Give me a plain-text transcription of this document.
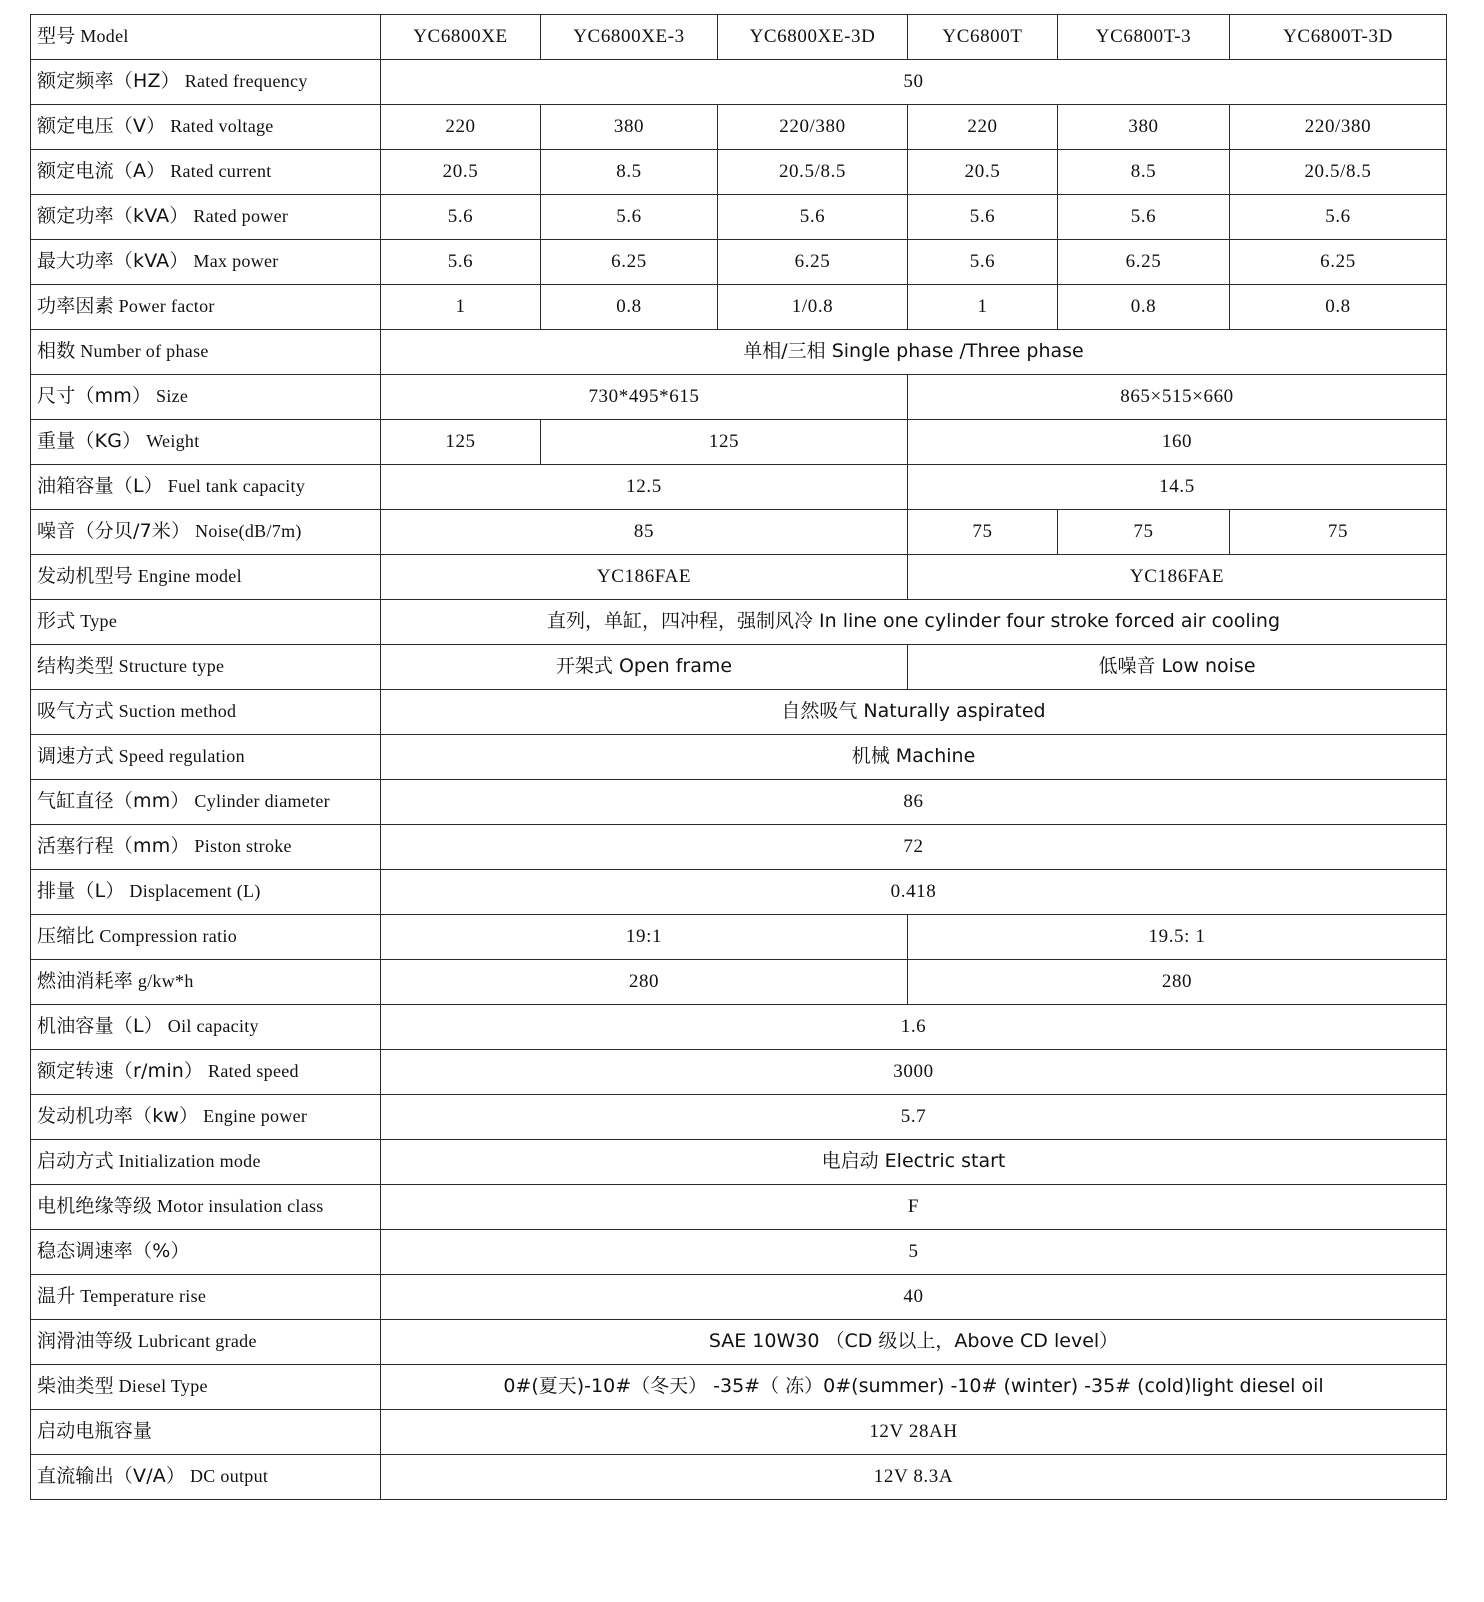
型号 Model	YC6800XE	YC6800XE-3	YC6800XE-3D	YC6800T	YC6800T-3	YC6800T-3D
额定频率（HZ） Rated frequency	50					
额定电压（V） Rated voltage	220	380	220/380	220	380	220/380
额定电流（A） Rated current	20.5	8.5	20.5/8.5	20.5	8.5	20.5/8.5
额定功率（kVA） Rated power	5.6	5.6	5.6	5.6	5.6	5.6
最大功率（kVA） Max power	5.6	6.25	6.25	5.6	6.25	6.25
功率因素 Power factor	1	0.8	1/0.8	1	0.8	0.8
相数 Number of phase	单相/三相 Single phase /Three phase					
尺寸（mm） Size	730*495*615			865×515×660		
重量（KG） Weight	125	125		160		
油箱容量（L） Fuel tank capacity	12.5			14.5		
噪音（分贝/7米） Noise(dB/7m)	85			75	75	75
发动机型号 Engine model	YC186FAE			YC186FAE		
形式 Type	直列，单缸，四冲程，强制风冷 In line one cylinder four stroke forced air cooling					
结构类型 Structure type	开架式 Open frame			低噪音 Low noise		
吸气方式 Suction method	自然吸气 Naturally aspirated					
调速方式 Speed regulation	机械 Machine					
气缸直径（mm） Cylinder diameter	86					
活塞行程（mm） Piston stroke	72					
排量（L） Displacement (L)	0.418					
压缩比 Compression ratio	19:1			19.5: 1		
燃油消耗率 g/kw*h	280			280		
机油容量（L） Oil capacity	1.6					
额定转速（r/min） Rated speed	3000					
发动机功率（kw） Engine power	5.7					
启动方式 Initialization mode	电启动 Electric start					
电机绝缘等级 Motor insulation class	F					
稳态调速率（%）	5					
温升 Temperature rise	40					
润滑油等级 Lubricant grade	SAE 10W30 （CD 级以上，Above CD level）					
柴油类型 Diesel Type	0#(夏天)-10#（冬天） -35#（ 冻）0#(summer) -10# (winter) -35# (cold)light diesel oil					
启动电瓶容量	12V 28AH					
直流输出（V/A） DC output	12V 8.3A					
